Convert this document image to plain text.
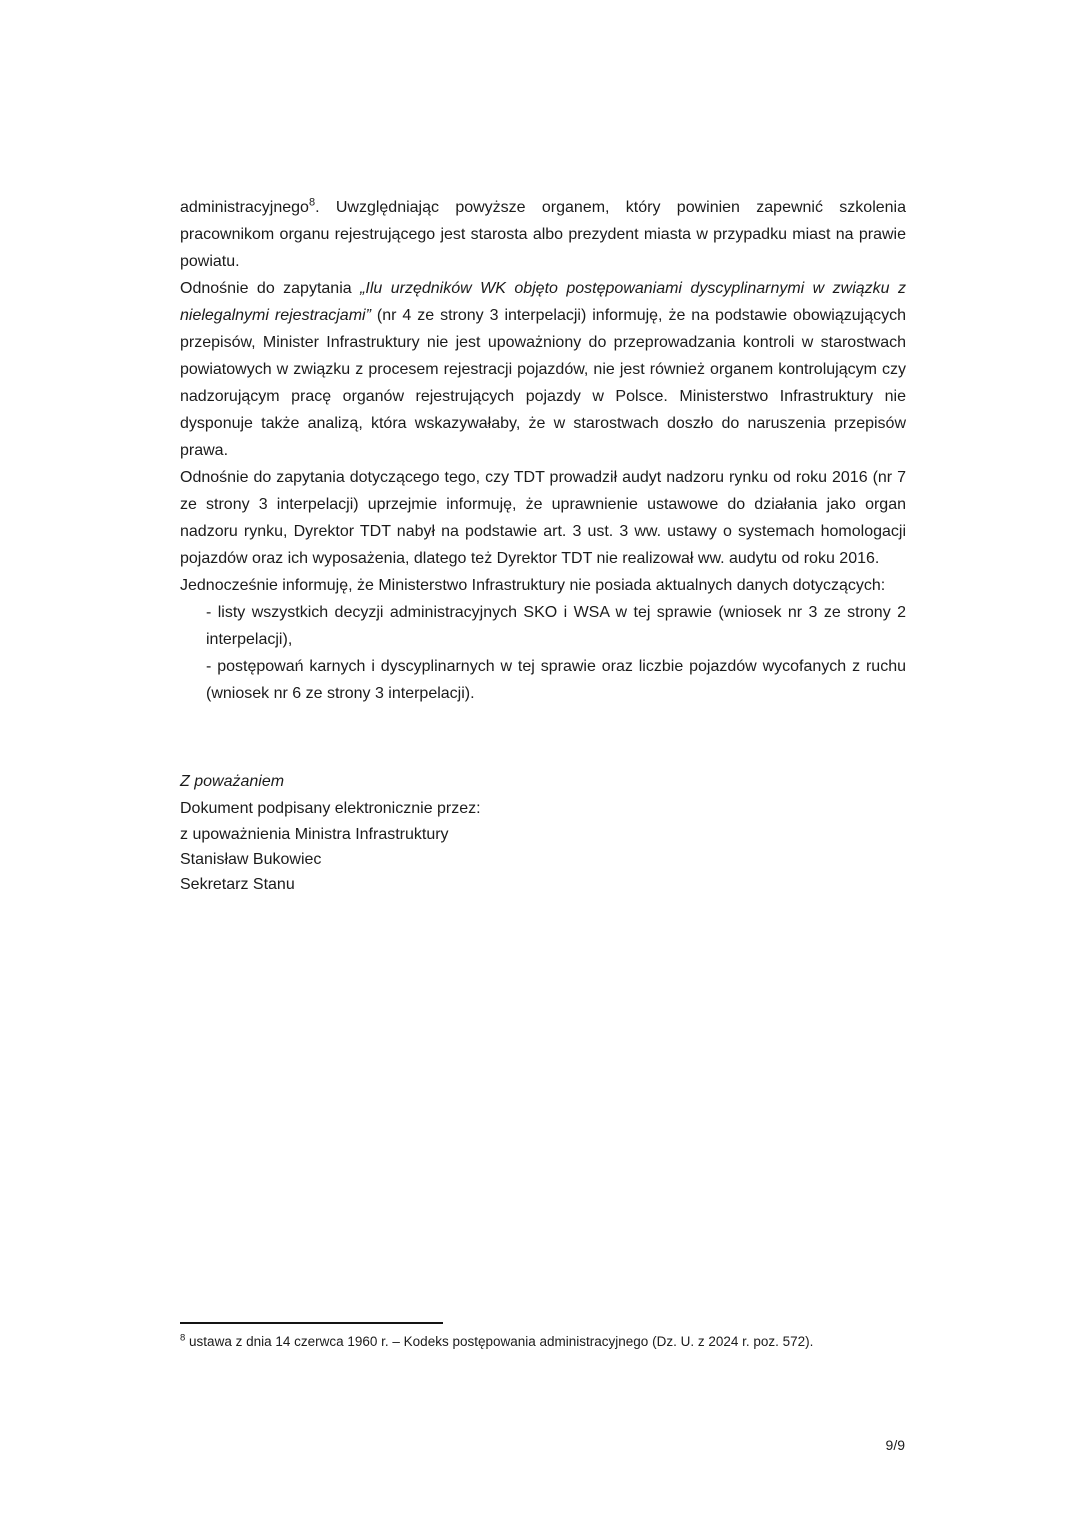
administracyjnego$^8$. Uwzględniając powyższe organem, który powinien zapewnić szkolenia pracownikom organu rejestrującego jest starosta albo prezydent miasta w przypadku miast na prawie powiatu.

Odnośnie do zapytania „Ilu urzędników WK objęto postępowaniami dyscyplinarnymi w związku z nielegalnymi rejestracjami” (nr 4 ze strony 3 interpelacji) informuję, że na podstawie obowiązujących przepisów, Minister Infrastruktury nie jest upoważniony do przeprowadzania kontroli w starostwach powiatowych w związku z procesem rejestracji pojazdów, nie jest również organem kontrolującym czy nadzorującym pracę organów rejestrujących pojazdy w Polsce. Ministerstwo Infrastruktury nie dysponuje także analizą, która wskazywałaby, że w starostwach doszło do naruszenia przepisów prawa.

Odnośnie do zapytania dotyczącego tego, czy TDT prowadził audyt nadzoru rynku od roku 2016 (nr 7 ze strony 3 interpelacji) uprzejmie informuję, że uprawnienie ustawowe do działania jako organ nadzoru rynku, Dyrektor TDT nabył na podstawie art. 3 ust. 3 ww. ustawy o systemach homologacji pojazdów oraz ich wyposażenia, dlatego też Dyrektor TDT nie realizował ww. audytu od roku 2016.

Jednocześnie informuję, że Ministerstwo Infrastruktury nie posiada aktualnych danych dotyczących:

- listy wszystkich decyzji administracyjnych SKO i WSA w tej sprawie (wniosek nr 3 ze strony 2 interpelacji),
- postępowań karnych i dyscyplinarnych w tej sprawie oraz liczbie pojazdów wycofanych z ruchu (wniosek nr 6 ze strony 3 interpelacji).

Z poważaniem

Dokument podpisany elektronicznie przez:

z upoważnienia Ministra Infrastruktury
Stanisław Bukowiec
Sekretarz Stanu
$^8$ ustawa z dnia 14 czerwca 1960 r. – Kodeks postępowania administracyjnego (Dz. U. z 2024 r. poz. 572).
9/9
